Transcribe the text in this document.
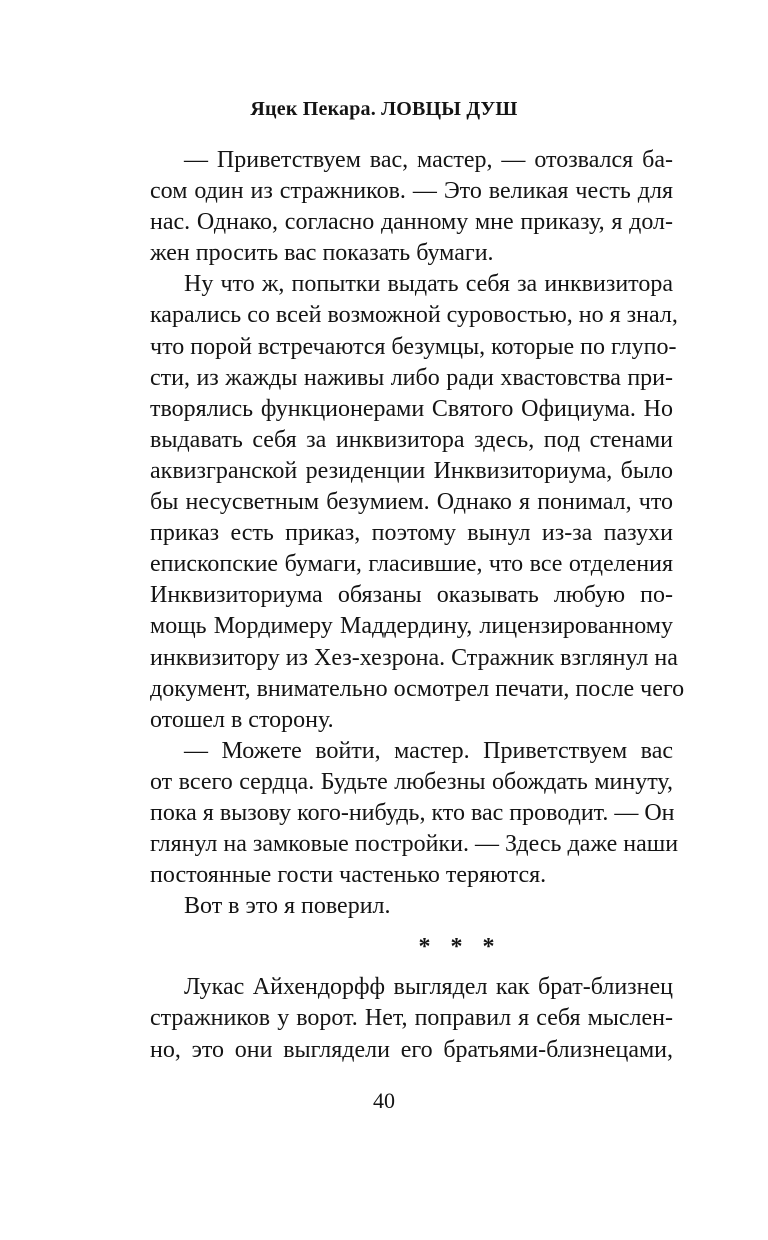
Яцек Пекара. ЛОВЦЫ ДУШ
— Приветствуем вас, мастер, — отозвался ба-
сом один из стражников. — Это великая честь для
нас. Однако, согласно данному мне приказу, я дол-
жен просить вас показать бумаги.
Ну что ж, попытки выдать себя за инквизитора
карались со всей возможной суровостью, но я знал,
что порой встречаются безумцы, которые по глупо-
сти, из жажды наживы либо ради хвастовства при-
творялись функционерами Святого Официума. Но
выдавать себя за инквизитора здесь, под стенами
аквизгранской резиденции Инквизиториума, было
бы несусветным безумием. Однако я понимал, что
приказ есть приказ, поэтому вынул из-за пазухи
епископские бумаги, гласившие, что все отделения
Инквизиториума обязаны оказывать любую по-
мощь Мордимеру Маддердину, лицензированному
инквизитору из Хез-хезрона. Стражник взглянул на
документ, внимательно осмотрел печати, после чего
отошел в сторону.
— Можете войти, мастер. Приветствуем вас
от всего сердца. Будьте любезны обождать минуту,
пока я вызову кого-нибудь, кто вас проводит. — Он
глянул на замковые постройки. — Здесь даже наши
постоянные гости частенько теряются.
Вот в это я поверил.
* * *
Лукас Айхендорфф выглядел как брат-близнец
стражников у ворот. Нет, поправил я себя мыслен-
но, это они выглядели его братьями-близнецами,
40
